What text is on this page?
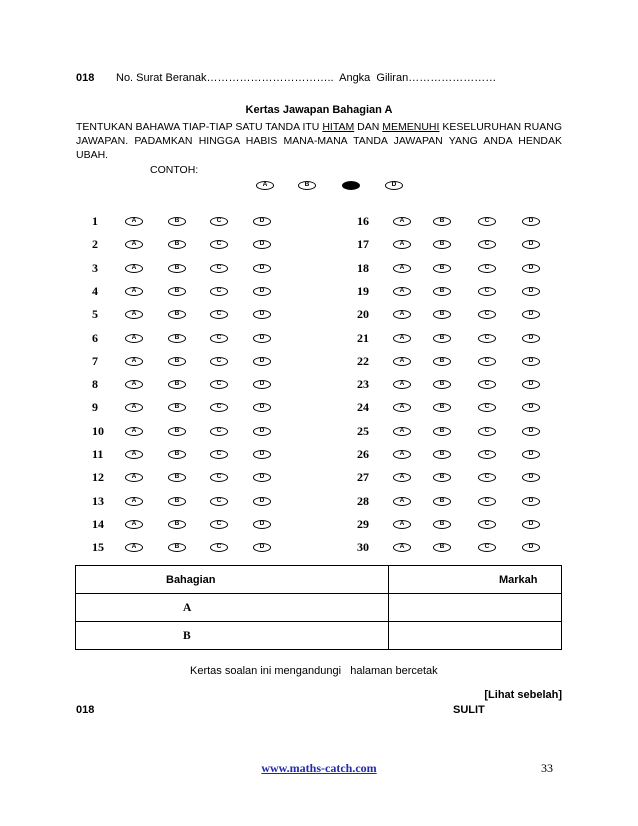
018 No. Surat Beranak……………………………..  Angka  Giliran……………………
Kertas Jawapan Bahagian A
TENTUKAN BAHAWA TIAP-TIAP SATU TANDA ITU HITAM DAN MEMENUHI KESELURUHAN RUANG JAWAPAN. PADAMKAN HINGGA HABIS MANA-MANA TANDA JAWAPAN YANG ANDA HENDAK UBAH.
CONTOH:
A	B	D
1	A	B	C	D
2	A	B	C	D
3	A	B	C	D
4	A	B	C	D
5	A	B	C	D
6	A	B	C	D
7	A	B	C	D
8	A	B	C	D
9	A	B	C	D
10	A	B	C	D
11	A	B	C	D
12	A	B	C	D
13	A	B	C	D
14	A	B	C	D
15	A	B	C	D
16	A	B	C	D
17	A	B	C	D
18	A	B	C	D
19	A	B	C	D
20	A	B	C	D
21	A	B	C	D
22	A	B	C	D
23	A	B	C	D
24	A	B	C	D
25	A	B	C	D
26	A	B	C	D
27	A	B	C	D
28	A	B	C	D
29	A	B	C	D
30	A	B	C	D
Bahagian	Markah
A	
B	
Kertas soalan ini mengandungi   halaman bercetak
[Lihat sebelah]
018	SULIT
www.maths-catch.com	33
